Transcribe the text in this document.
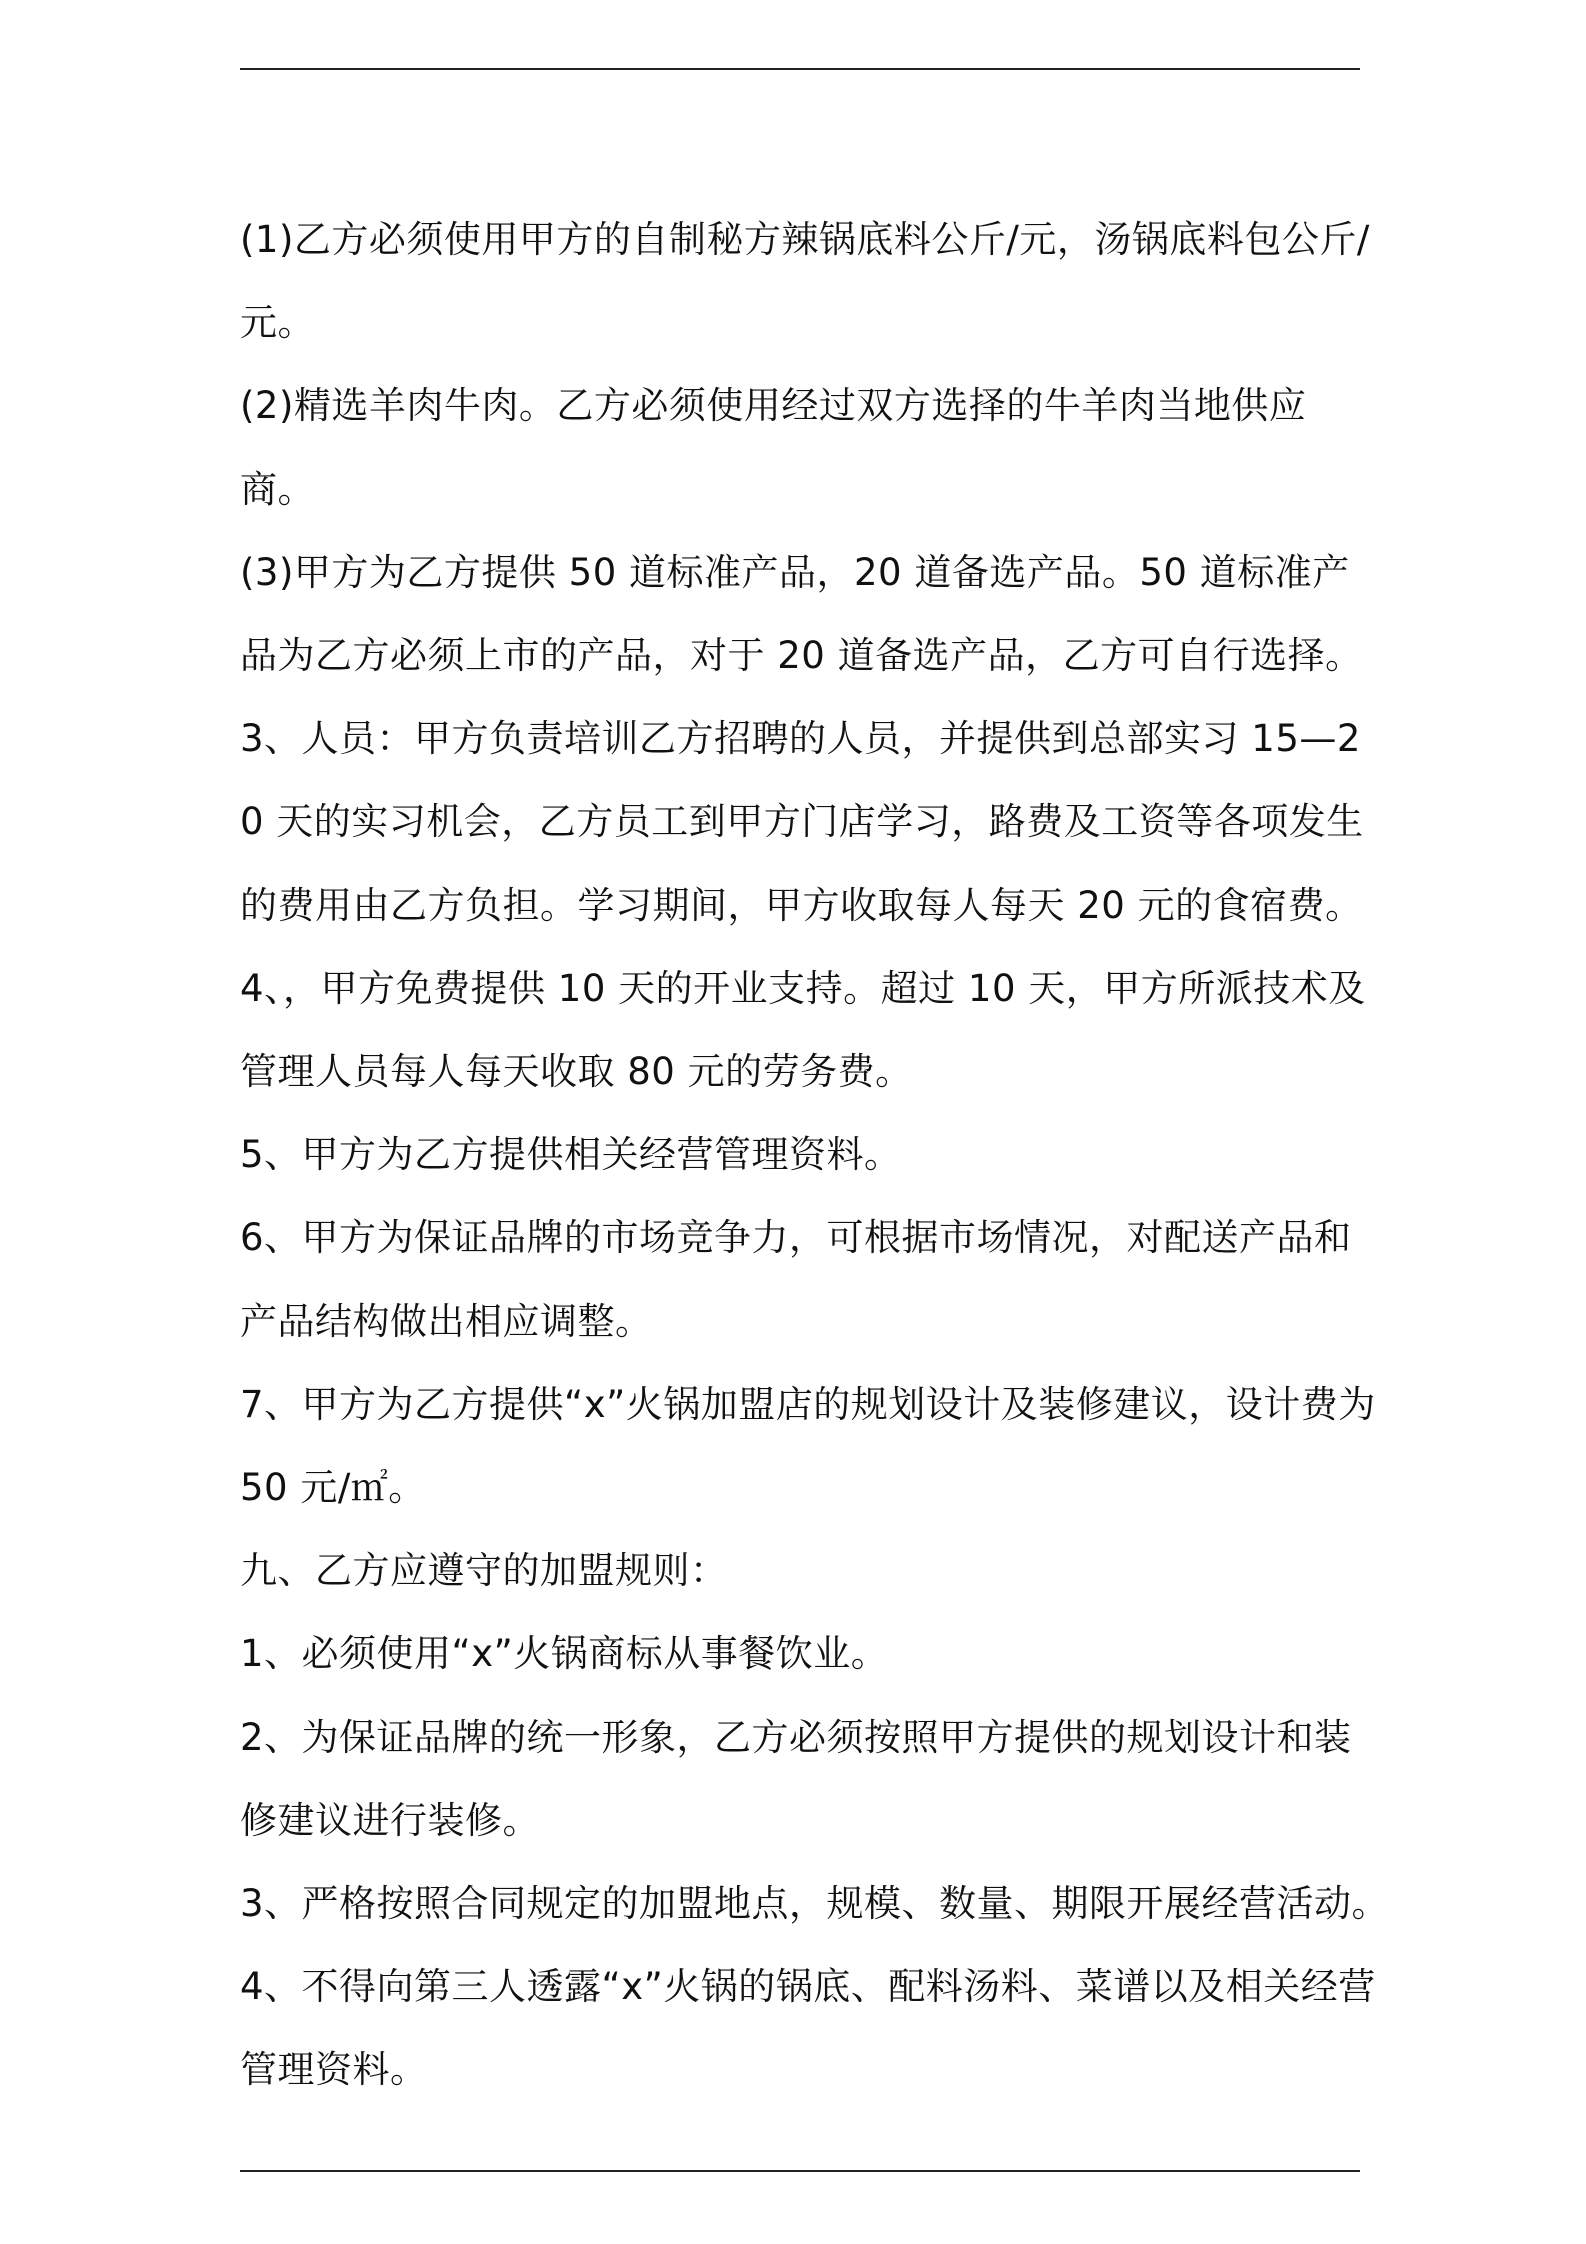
(1)乙方必须使用甲方的自制秘方辣锅底料公斤/元，汤锅底料包公斤/元。

(2)精选羊肉牛肉。乙方必须使用经过双方选择的牛羊肉当地供应商。

(3)甲方为乙方提供 50 道标准产品，20 道备选产品。50 道标准产品为乙方必须上市的产品，对于 20 道备选产品，乙方可自行选择。

3、人员：甲方负责培训乙方招聘的人员，并提供到总部实习 15—20 天的实习机会，乙方员工到甲方门店学习，路费及工资等各项发生的费用由乙方负担。学习期间，甲方收取每人每天 20 元的食宿费。

4、，甲方免费提供 10 天的开业支持。超过 10 天，甲方所派技术及管理人员每人每天收取 80 元的劳务费。

5、甲方为乙方提供相关经营管理资料。

6、甲方为保证品牌的市场竞争力，可根据市场情况，对配送产品和产品结构做出相应调整。

7、甲方为乙方提供“x”火锅加盟店的规划设计及装修建议，设计费为 50 元/㎡。

九、乙方应遵守的加盟规则：

1、必须使用“x”火锅商标从事餐饮业。

2、为保证品牌的统一形象，乙方必须按照甲方提供的规划设计和装修建议进行装修。

3、严格按照合同规定的加盟地点，规模、数量、期限开展经营活动。

4、不得向第三人透露“x”火锅的锅底、配料汤料、菜谱以及相关经营管理资料。
